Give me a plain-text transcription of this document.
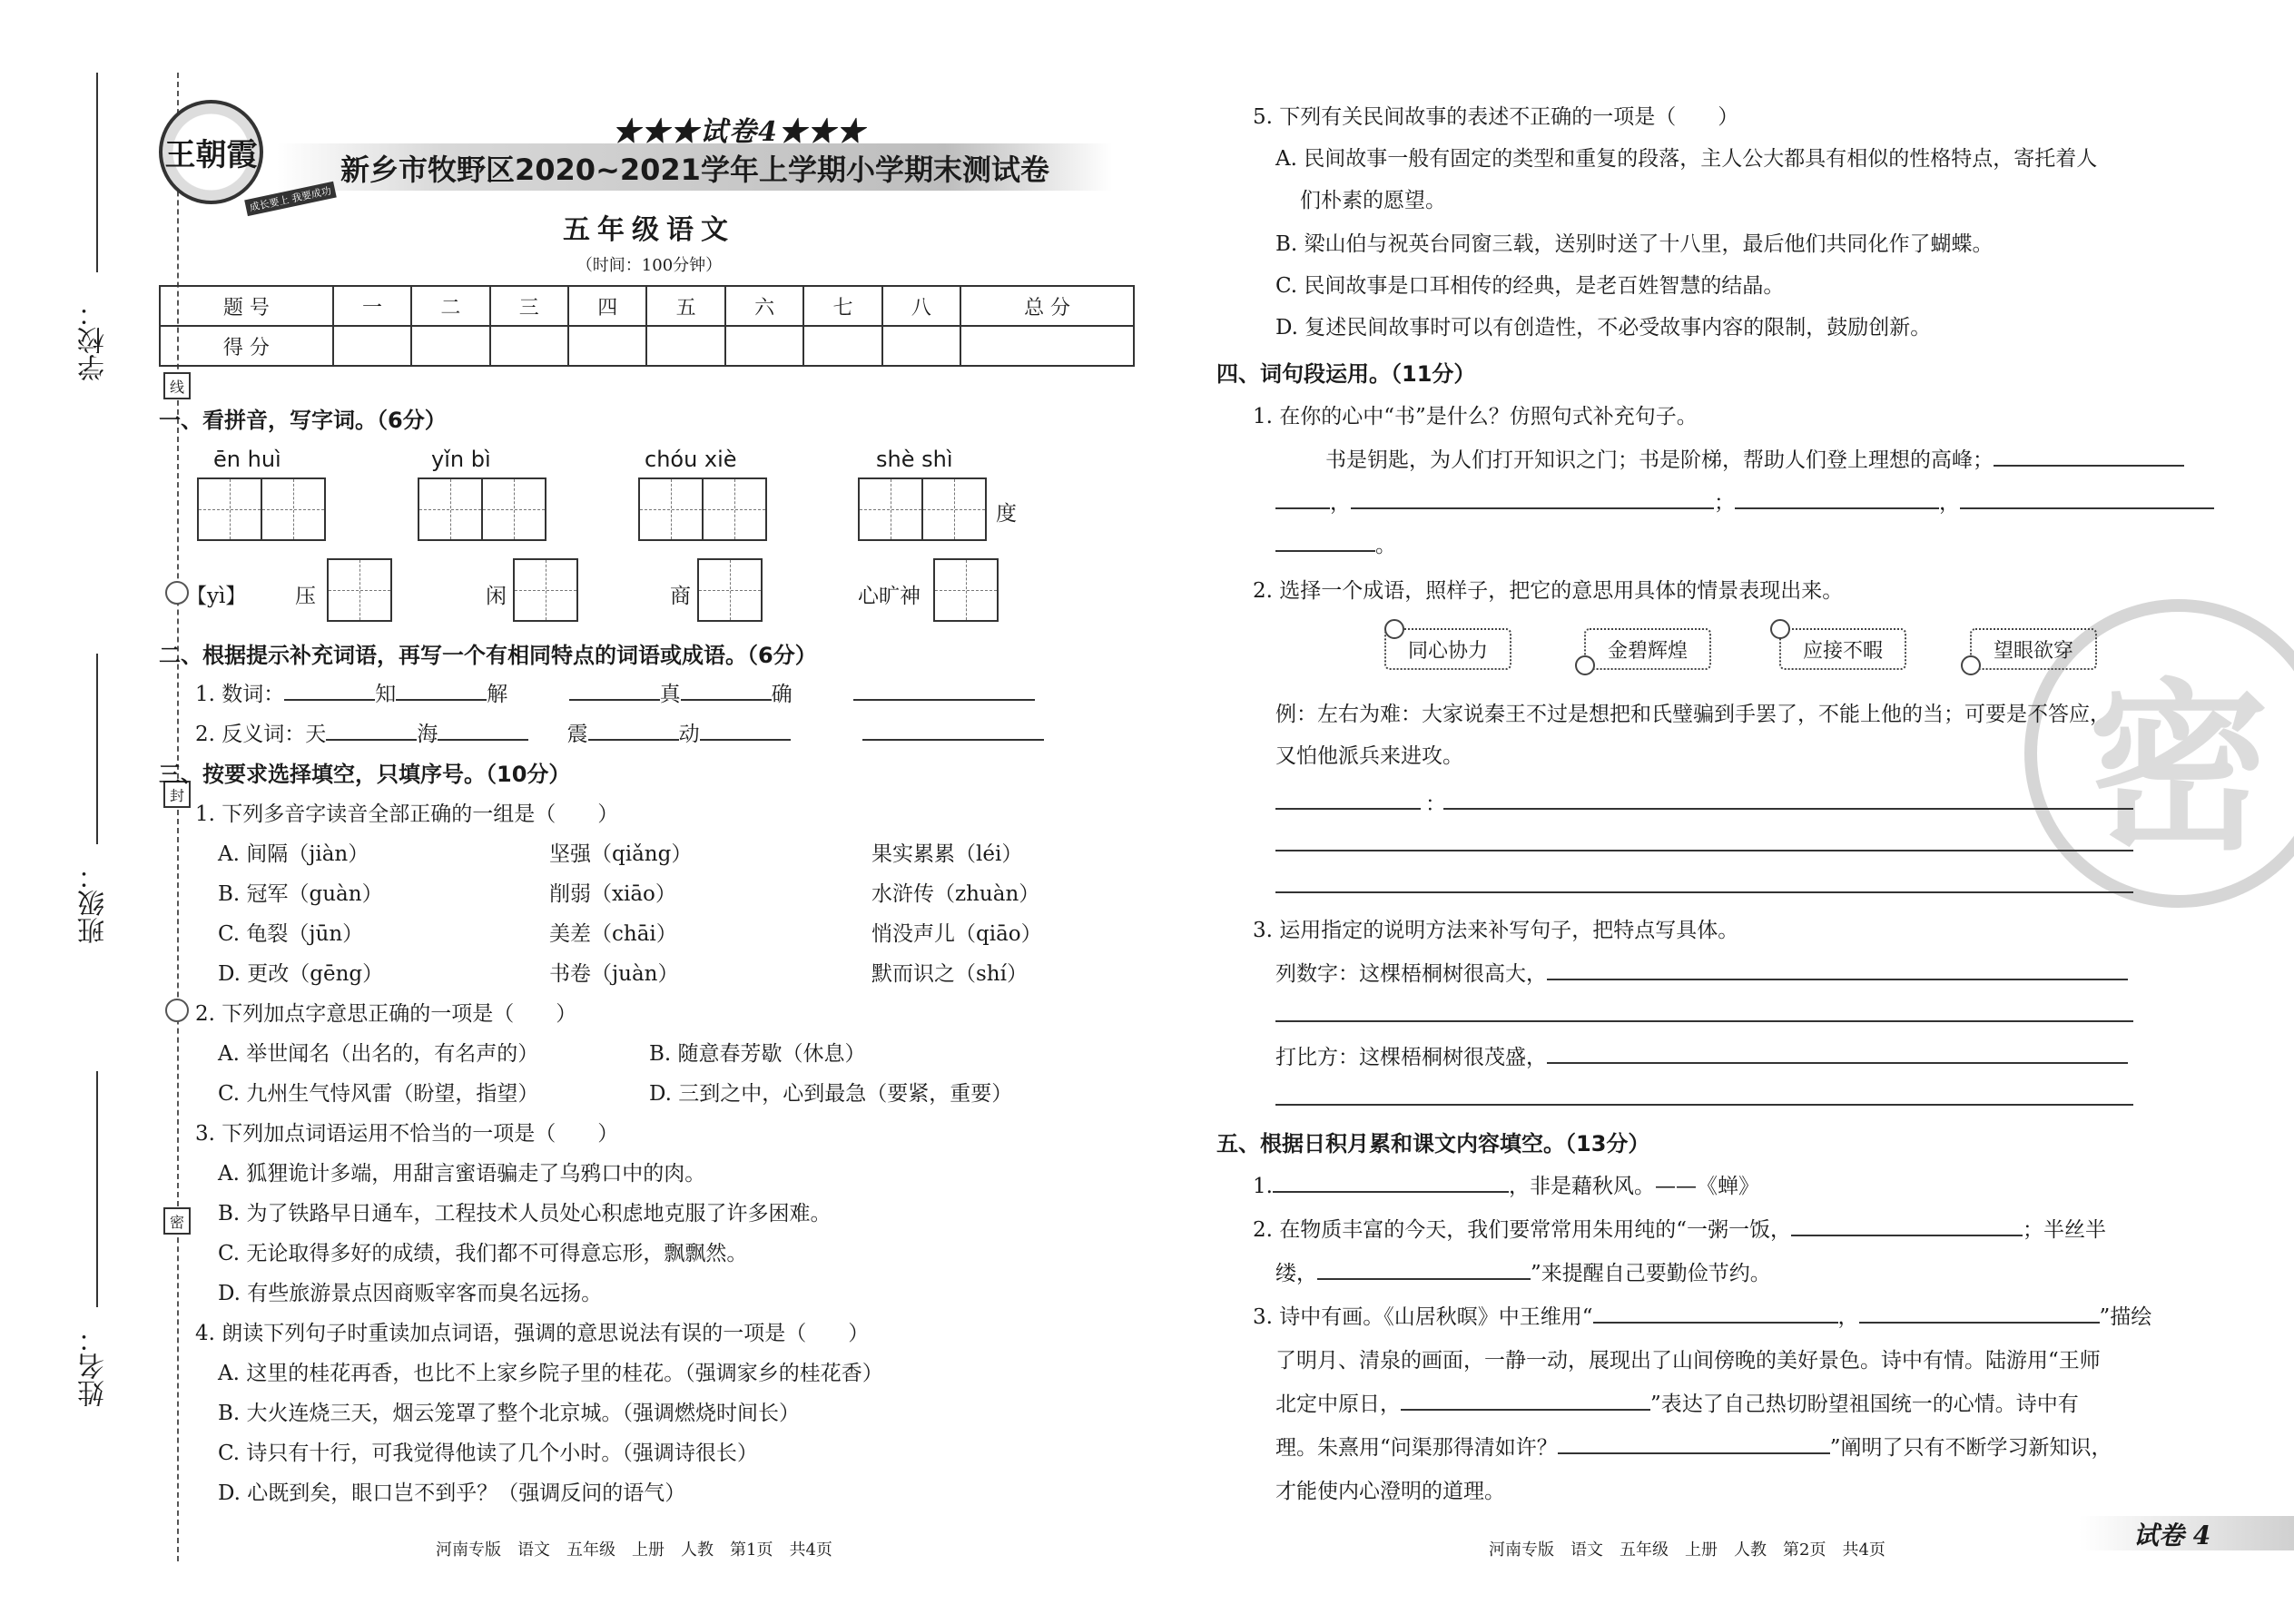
学校：
班级：
姓名：
线
封
密
王朝霞
成长要上 我要成功
★★★试卷4★★★
新乡市牧野区2020~2021学年上学期小学期末测试卷
五年级语文
（时间：100分钟）
题 号	一	二	三	四	五	六	七	八	总 分
得 分									
一、看拼音，写字词。（6分）
ēn huì	yǐn bì	chóu xiè	shè shì
度
【yì】 压	闲	商	心旷神
二、根据提示补充词语，再写一个有相同特点的词语或成语。（6分）
1. 数词：	知	解	真	确
2. 反义词：天	海	震	动
三、按要求选择填空，只填序号。（10分）
1. 下列多音字读音全部正确的一组是（　　）
A. 间隔（jiàn）	坚强（qiǎng）	果实累累（léi）
B. 冠军（guàn）	削弱（xiāo）	水浒传（zhuàn）
C. 龟裂（jūn）	美差（chāi）	悄没声儿（qiāo）
D. 更改（gēng）	书卷（juàn）	默而识之（shí）
2. 下列加点字意思正确的一项是（　　）
A. 举世闻名（出名的，有名声的）	B. 随意春芳歇（休息）
C. 九州生气恃风雷（盼望，指望）	D. 三到之中，心到最急（要紧，重要）
3. 下列加点词语运用不恰当的一项是（　　）
A. 狐狸诡计多端，用甜言蜜语骗走了乌鸦口中的肉。
B. 为了铁路早日通车，工程技术人员处心积虑地克服了许多困难。
C. 无论取得多好的成绩，我们都不可得意忘形，飘飘然。
D. 有些旅游景点因商贩宰客而臭名远扬。
4. 朗读下列句子时重读加点词语，强调的意思说法有误的一项是（　　）
A. 这里的桂花再香，也比不上家乡院子里的桂花。（强调家乡的桂花香）
B. 大火连烧三天，烟云笼罩了整个北京城。（强调燃烧时间长）
C. 诗只有十行，可我觉得他读了几个小时。（强调诗很长）
D. 心既到矣，眼口岂不到乎？（强调反问的语气）
河南专版　语文　五年级　上册　人教　第1页　共4页
密
5. 下列有关民间故事的表述不正确的一项是（　　）
A. 民间故事一般有固定的类型和重复的段落，主人公大都具有相似的性格特点，寄托着人
们朴素的愿望。
B. 梁山伯与祝英台同窗三载，送别时送了十八里，最后他们共同化作了蝴蝶。
C. 民间故事是口耳相传的经典，是老百姓智慧的结晶。
D. 复述民间故事时可以有创造性，不必受故事内容的限制，鼓励创新。
四、词句段运用。（11分）
1. 在你的心中“书”是什么？仿照句式补充句子。
书是钥匙，为人们打开知识之门；书是阶梯，帮助人们登上理想的高峰；
，	；	，
。
2. 选择一个成语，照样子，把它的意思用具体的情景表现出来。
同心协力	金碧辉煌	应接不暇	望眼欲穿
例：左右为难：大家说秦王不过是想把和氏璧骗到手罢了，不能上他的当；可要是不答应，
又怕他派兵来进攻。
：
3. 运用指定的说明方法来补写句子，把特点写具体。
列数字：这棵梧桐树很高大，
打比方：这棵梧桐树很茂盛，
五、根据日积月累和课文内容填空。（13分）
1.	，非是藉秋风。——《蝉》
2. 在物质丰富的今天，我们要常常用朱用纯的“一粥一饭，	；半丝半
缕，	”来提醒自己要勤俭节约。
3. 诗中有画。《山居秋暝》中王维用“	，	”描绘
了明月、清泉的画面，一静一动，展现出了山间傍晚的美好景色。诗中有情。陆游用“王师
北定中原日，	”表达了自己热切盼望祖国统一的心情。诗中有
理。朱熹用“问渠那得清如许？	”阐明了只有不断学习新知识，
才能使内心澄明的道理。
河南专版　语文　五年级　上册　人教　第2页　共4页	试卷 4
